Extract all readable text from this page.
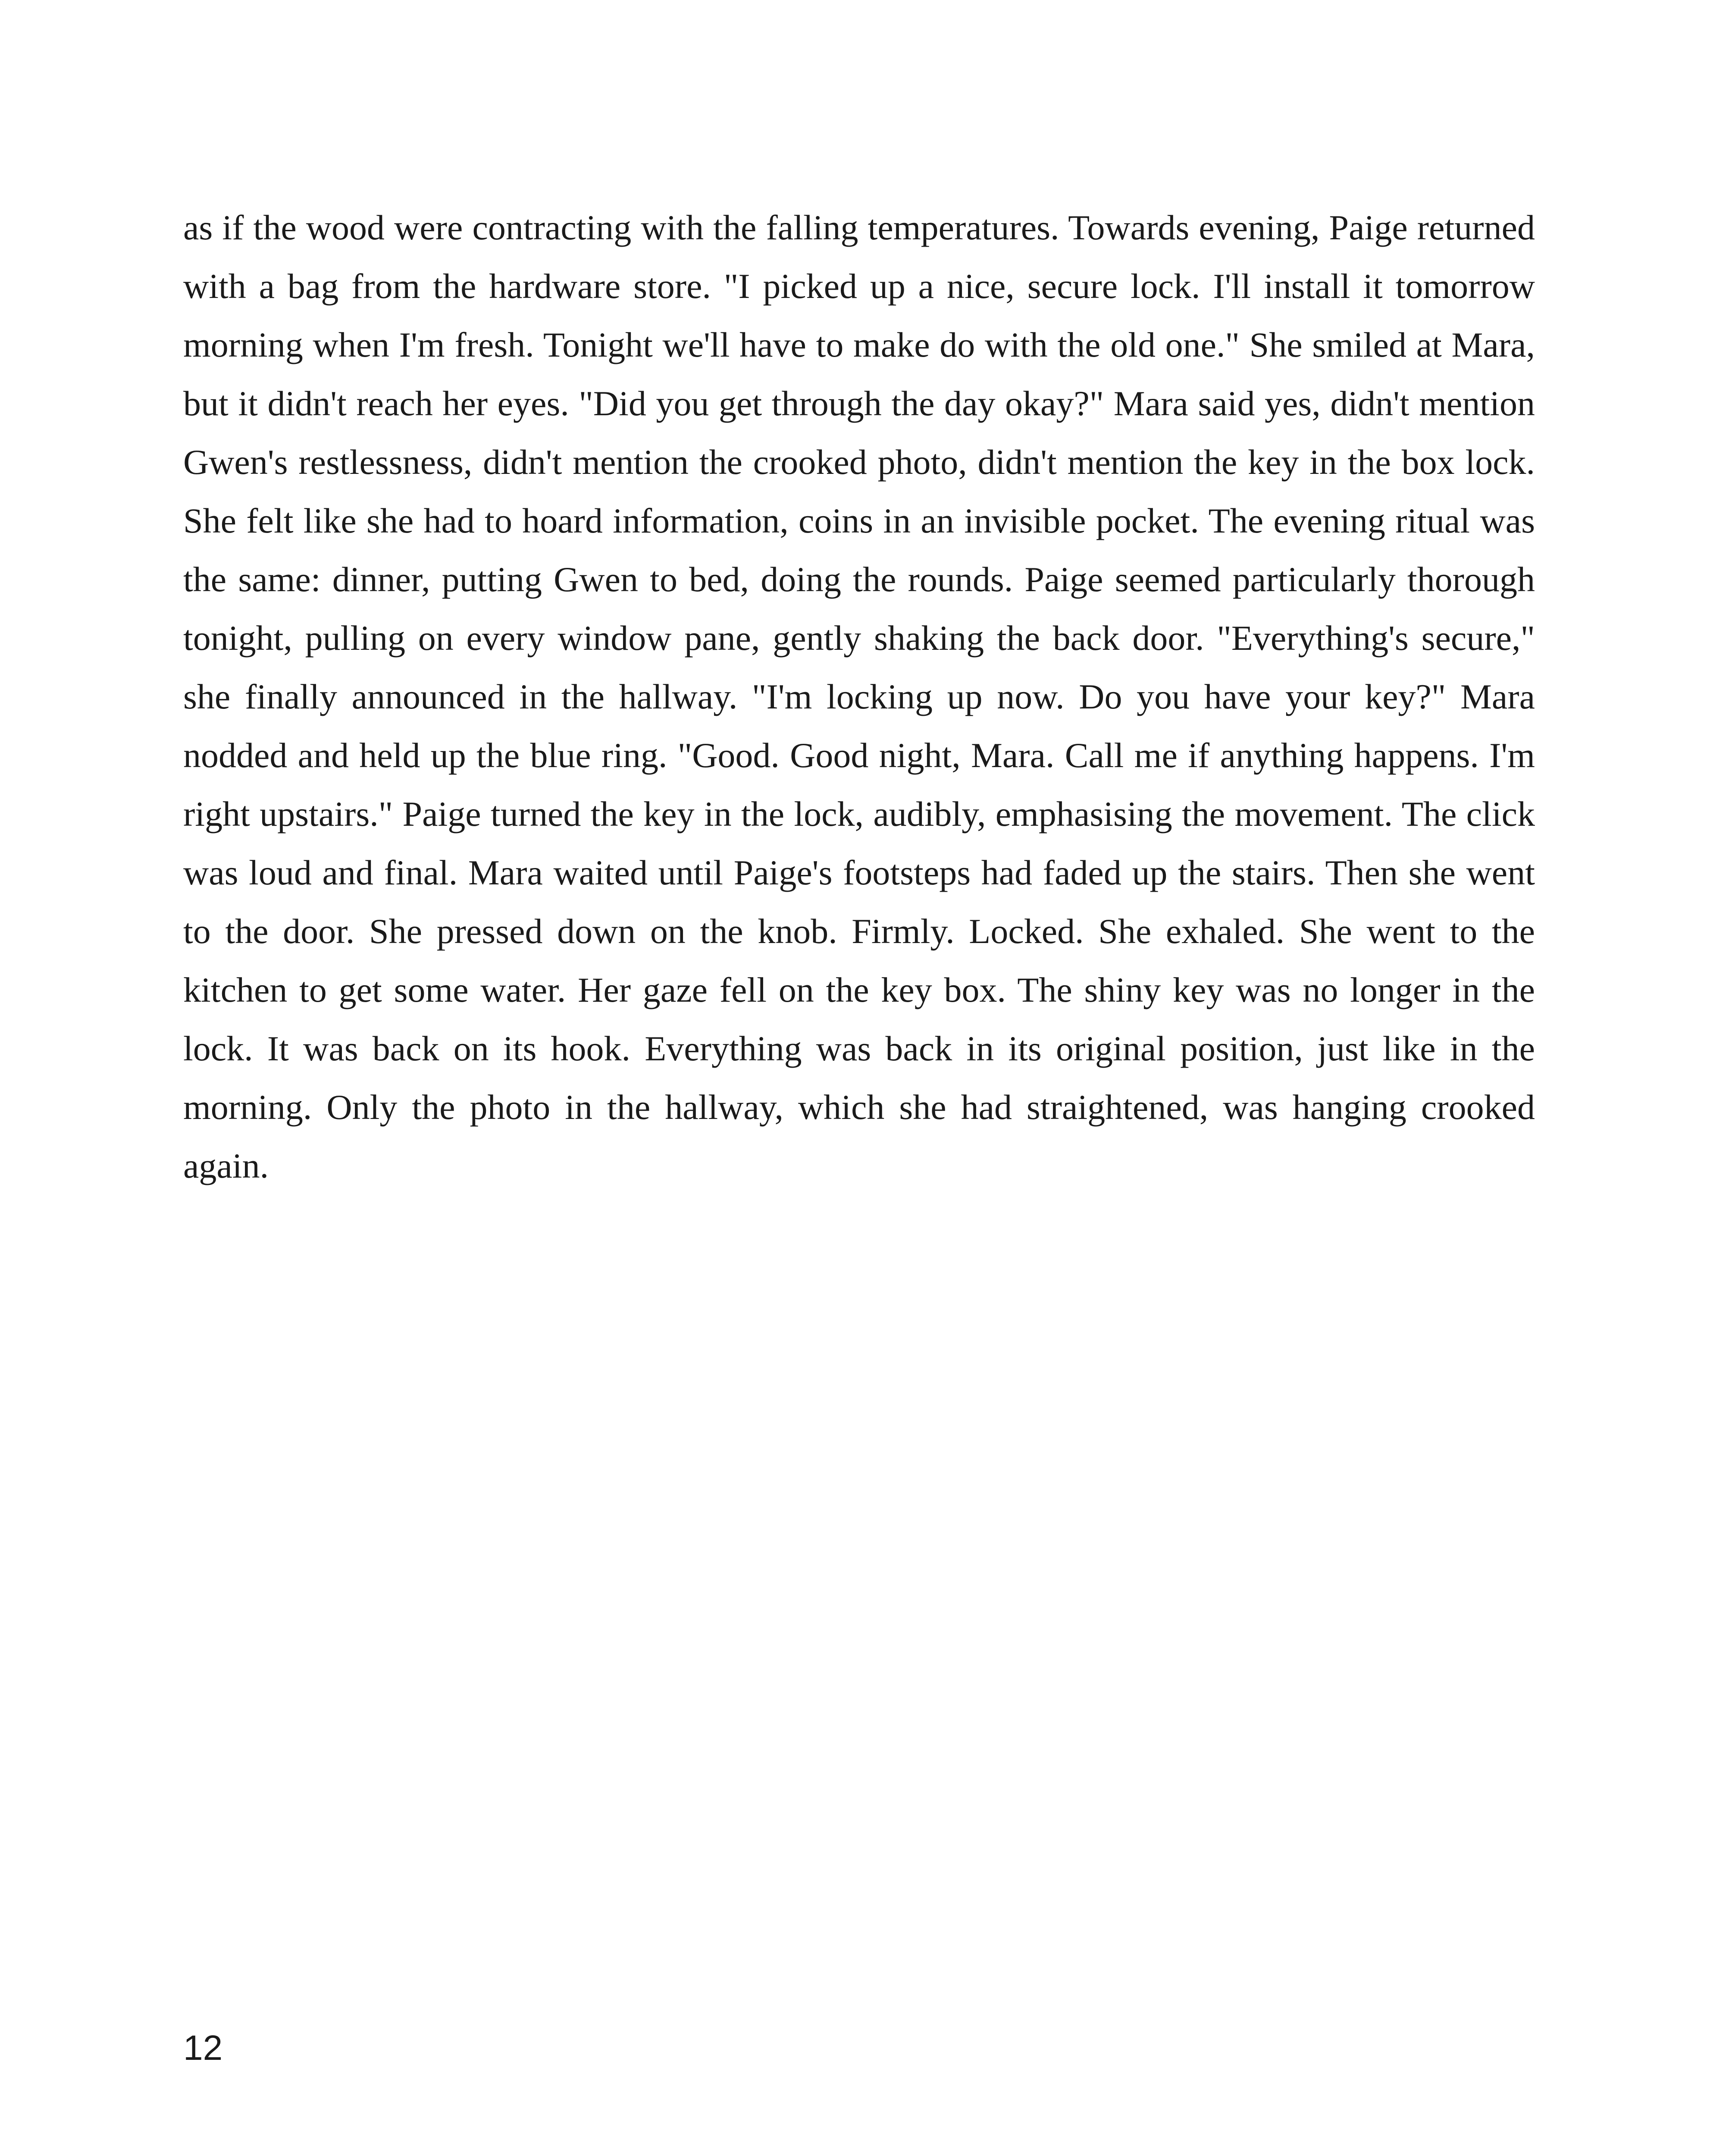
as if the wood were contracting with the falling temperatures. Towards evening, Paige returned with a bag from the hardware store. "I picked up a nice, secure lock. I'll install it tomorrow morning when I'm fresh. Tonight we'll have to make do with the old one." She smiled at Mara, but it didn't reach her eyes. "Did you get through the day okay?" Mara said yes, didn't mention Gwen's restlessness, didn't mention the crooked photo, didn't mention the key in the box lock. She felt like she had to hoard information, coins in an invisible pocket. The evening ritual was the same: dinner, putting Gwen to bed, doing the rounds. Paige seemed particularly thorough tonight, pulling on every window pane, gently shaking the back door. "Everything's secure," she finally announced in the hallway. "I'm locking up now. Do you have your key?" Mara nodded and held up the blue ring. "Good. Good night, Mara. Call me if anything happens. I'm right upstairs." Paige turned the key in the lock, audibly, emphasising the movement. The click was loud and final. Mara waited until Paige's footsteps had faded up the stairs. Then she went to the door. She pressed down on the knob. Firmly. Locked. She exhaled. She went to the kitchen to get some water. Her gaze fell on the key box. The shiny key was no longer in the lock. It was back on its hook. Everything was back in its original position, just like in the morning. Only the photo in the hallway, which she had straightened, was hanging crooked again.

12
